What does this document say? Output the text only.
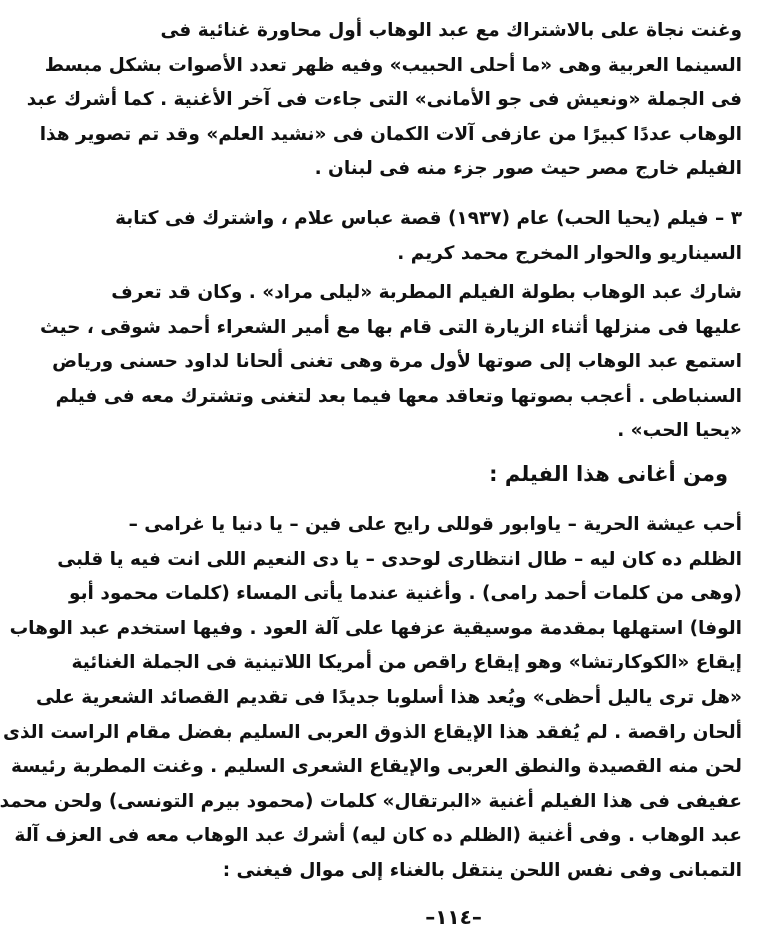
وغنت نجاة على بالاشتراك مع عبد الوهاب أول محاورة غنائية فى
السينما العربية وهى «ما أحلى الحبيب» وفيه ظهر تعدد الأصوات بشكل مبسط
فى الجملة «ونعيش فى جو الأمانى» التى جاءت فى آخر الأغنية . كما أشرك عبد
الوهاب عددًا كبيرًا من عازفى آلات الكمان فى «نشيد العلم» وقد تم تصوير هذا
الفيلم خارج مصر حيث صور جزء منه فى لبنان .

٣ – فيلم (يحيا الحب) عام (١٩٣٧) قصة عباس علام ، واشترك فى كتابة
السيناريو والحوار المخرج محمد كريم .

شارك عبد الوهاب بطولة الفيلم المطربة «ليلى مراد» . وكان قد تعرف
عليها فى منزلها أثناء الزيارة التى قام بها مع أمير الشعراء أحمد شوقى ، حيث
استمع عبد الوهاب إلى صوتها لأول مرة وهى تغنى ألحانا لداود حسنى ورياض
السنباطى . أعجب بصوتها وتعاقد معها فيما بعد لتغنى وتشترك معه فى فيلم
«يحيا الحب» .

ومن أغانى هذا الفيلم :

أحب عيشة الحرية – ياوابور قوللى رايح على فين – يا دنيا يا غرامى –
الظلم ده كان ليه – طال انتظارى لوحدى – يا دى النعيم اللى انت فيه يا قلبى
(وهى من كلمات أحمد رامى) . وأغنية عندما يأتى المساء (كلمات محمود أبو
الوفا) استهلها بمقدمة موسيقية عزفها على آلة العود . وفيها استخدم عبد الوهاب
إيقاع «الكوكارتشا» وهو إيقاع راقص من أمريكا اللاتينية فى الجملة الغنائية
«هل ترى ياليل أحظى» ويُعد هذا أسلوبا جديدًا فى تقديم القصائد الشعرية على
ألحان راقصة . لم يُفقد هذا الإيقاع الذوق العربى السليم بفضل مقام الراست الذى
لحن منه القصيدة والنطق العربى والإيقاع الشعرى السليم . وغنت المطربة رئيسة
عفيفى فى هذا الفيلم أغنية «البرتقال» كلمات (محمود بيرم التونسى) ولحن محمد
عبد الوهاب . وفى أغنية (الظلم ده كان ليه) أشرك عبد الوهاب معه فى العزف آلة
التمبانى وفى نفس اللحن ينتقل بالغناء إلى موال فيغنى :

–١١٤–
